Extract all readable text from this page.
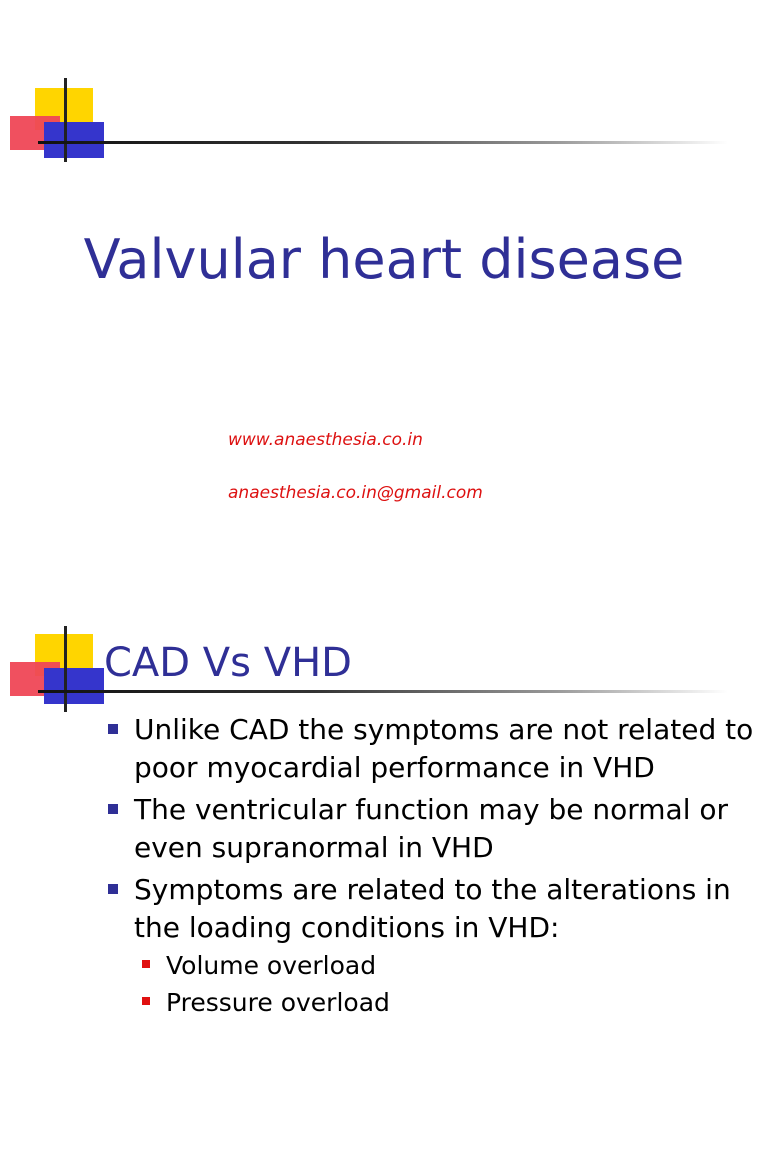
Valvular heart disease
www.anaesthesia.co.in
anaesthesia.co.in@gmail.com
CAD Vs VHD
Unlike CAD the symptoms are not related to poor myocardial performance in VHD
The ventricular function may be normal or even supranormal in VHD
Symptoms are related to the alterations in the loading conditions in VHD:
Volume overload
Pressure overload
